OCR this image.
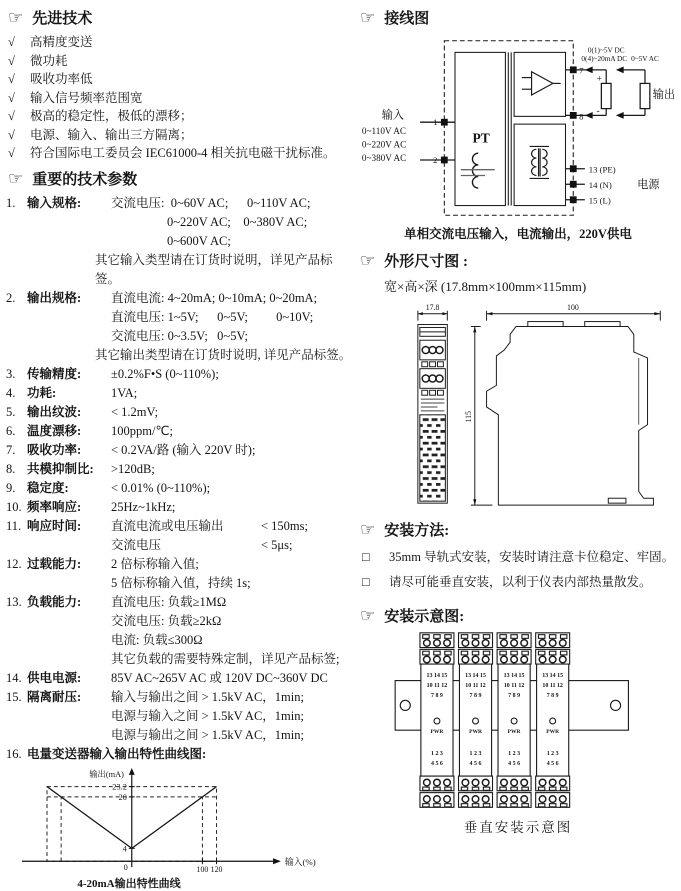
☞ 先进技术
√	高精度变送
√	微功耗
√	吸收功率低
√	输入信号频率范围宽
√	极高的稳定性，极低的漂移；
√	电源、输入、输出三方隔离；
√	符合国际电工委员会 IEC61000-4 相关抗电磁干扰标准。
☞ 重要的技术参数
1. 输入规格:	交流电压:  0~60V AC;      0~110V AC;
0~220V AC;    0~380V AC;
0~600V AC;
其它输入类型请在订货时说明，详见产品标签。
2. 输出规格:	直流电流: 4~20mA; 0~10mA; 0~20mA;
直流电压: 1~5V;      0~5V;         0~10V;
交流电压: 0~3.5V;   0~5V;
其它输出类型请在订货时说明, 详见产品标签。
3. 传输精度:	±0.2%F•S (0~110%);
4. 功耗:	1VA;
5. 输出纹波:	< 1.2mV;
6. 温度漂移:	100ppm/℃;
7. 吸收功率:	< 0.2VA/路 (输入 220V 时);
8. 共模抑制比:	>120dB;
9. 稳定度:	< 0.01% (0~110%);
10. 频率响应:	25Hz~1kHz;
11. 响应时间:	直流电流或电压输出	< 150ms;
交流电压	< 5μs;
12. 过载能力:	2 倍标称输入值;
5 倍标称输入值，持续 1s;
13. 负载能力:	直流电压: 负载≥1MΩ
交流电压: 负载≥2kΩ
电流: 负载≤300Ω
其它负载的需要特殊定制，详见产品标签;
14. 供电电源:	85V AC~265V AC 或 120V DC~360V DC
15. 隔离耐压:	输入与输出之间 > 1.5kV AC，1min;
电源与输入之间 > 1.5kV AC，1min;
电源与输出之间 > 1.5kV AC，1min;
16. 电量变送器输入输出特性曲线图:
0
4
20
23.2
100 120
输出(mA)
输入(%)
4-20mA输出特性曲线
☞ 接线图
PT
1
2
输入
0~110V AC
0~220V AC
0~380V AC
7
8
+
-
0(1)~5V DC
0(4)~20mA DC 0~5V AC
输出
13 (PE)
14 (N)
15 (L)
电源
单相交流电压输入，电流输出，220V供电
☞ 外形尺寸图 :
宽×高×深 (17.8mm×100mm×115mm)
17.8	100
115
☞ 安装方法:
□	35mm 导轨式安装，安装时请注意卡位稳定、牢固。
□	请尽可能垂直安装，以利于仪表内部热量散发。
☞ 安装示意图:
13 14 15
10 11 12
7 8 9
PWR
1 2 3
4 5 6
13 14 15
10 11 12
7 8 9
PWR
1 2 3
4 5 6
13 14 15
10 11 12
7 8 9
PWR
1 2 3
4 5 6
13 14 15
10 11 12
7 8 9
PWR
1 2 3
4 5 6
垂直安装示意图
